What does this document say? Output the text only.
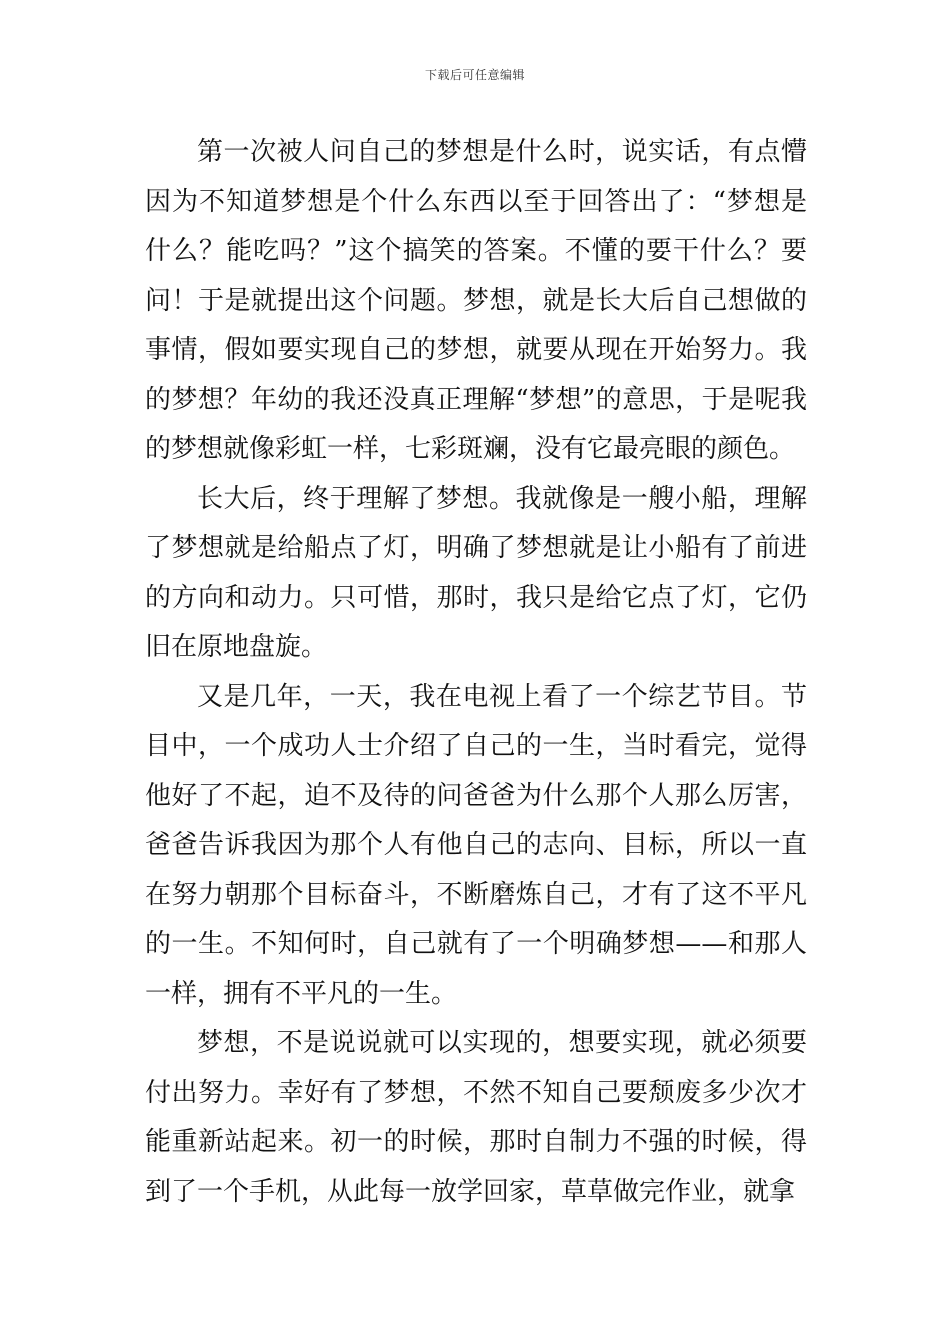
下载后可任意编辑

第一次被人问自己的梦想是什么时，说实话，有点懵因为不知道梦想是个什么东西以至于回答出了：“梦想是什么？能吃吗？”这个搞笑的答案。不懂的要干什么？要问！于是就提出这个问题。梦想，就是长大后自己想做的事情，假如要实现自己的梦想，就要从现在开始努力。我的梦想？年幼的我还没真正理解“梦想”的意思，于是呢我的梦想就像彩虹一样，七彩斑斓，没有它最亮眼的颜色。

长大后，终于理解了梦想。我就像是一艘小船，理解了梦想就是给船点了灯，明确了梦想就是让小船有了前进的方向和动力。只可惜，那时，我只是给它点了灯，它仍旧在原地盘旋。

又是几年，一天，我在电视上看了一个综艺节目。节目中，一个成功人士介绍了自己的一生，当时看完，觉得他好了不起，迫不及待的问爸爸为什么那个人那么厉害，爸爸告诉我因为那个人有他自己的志向、目标，所以一直在努力朝那个目标奋斗，不断磨炼自己，才有了这不平凡的一生。不知何时，自己就有了一个明确梦想——和那人一样，拥有不平凡的一生。

梦想，不是说说就可以实现的，想要实现，就必须要付出努力。幸好有了梦想，不然不知自己要颓废多少次才能重新站起来。初一的时候，那时自制力不强的时候，得到了一个手机，从此每一放学回家，草草做完作业，就拿
